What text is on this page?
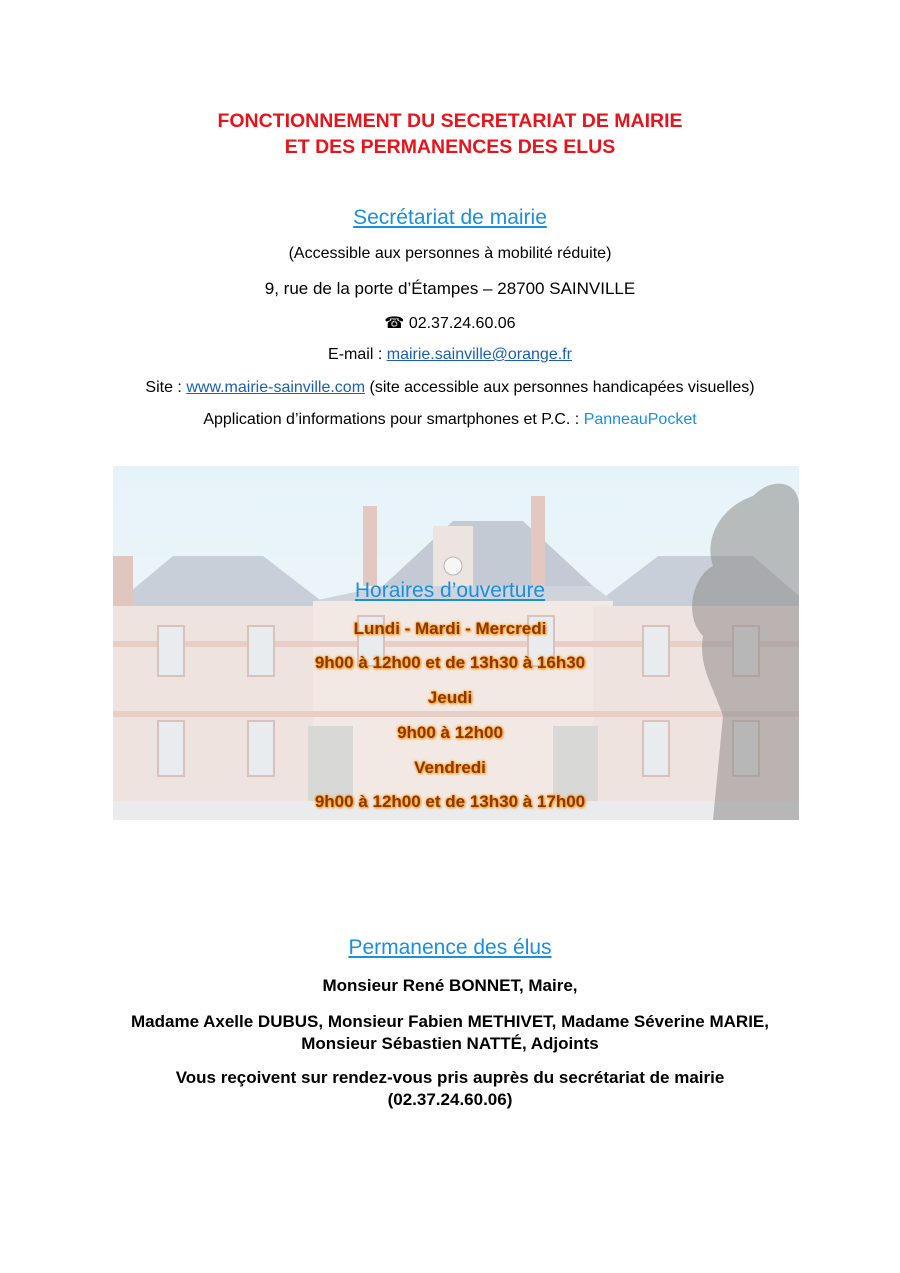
FONCTIONNEMENT DU SECRETARIAT DE MAIRIE
ET DES PERMANENCES DES ELUS
Secrétariat de mairie
(Accessible aux personnes à mobilité réduite)
9, rue de la porte d’Étampes – 28700 SAINVILLE
☎ 02.37.24.60.06
E-mail : mairie.sainville@orange.fr
Site : www.mairie-sainville.com (site accessible aux personnes handicapées visuelles)
Application d’informations pour smartphones et P.C. : PanneauPocket
Horaires d’ouverture
Lundi - Mardi - Mercredi
9h00 à 12h00 et de 13h30 à 16h30
Jeudi
9h00 à 12h00
Vendredi
9h00 à 12h00 et de 13h30 à 17h00
Permanence des élus
Monsieur René BONNET, Maire,
Madame Axelle DUBUS, Monsieur Fabien METHIVET, Madame Séverine MARIE,
Monsieur Sébastien NATTÉ, Adjoints
Vous reçoivent sur rendez-vous pris auprès du secrétariat de mairie
(02.37.24.60.06)
